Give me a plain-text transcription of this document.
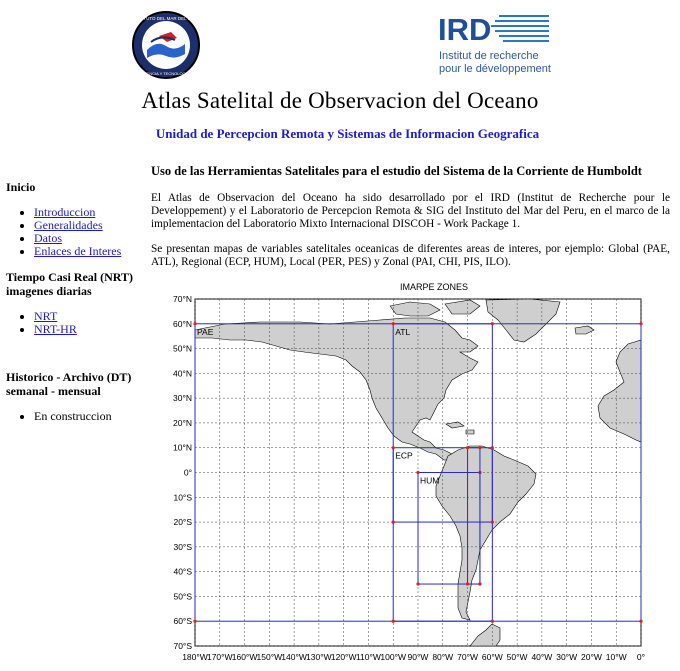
INSTITUTO DEL MAR DEL PERU
CIENCIA Y TECNOLOGIA
IRD
Institut de recherche
pour le développement
Atlas Satelital de Observacion del Oceano
Unidad de Percepcion Remota y Sistemas de Informacion Geografica

Inicio

• Introduccion
• Generalidades
• Datos
• Enlaces de Interes

Tiempo Casi Real (NRT) imagenes diarias

• NRT
• NRT-HR

Historico - Archivo (DT) semanal - mensual

• En construccion

Uso de las Herramientas Satelitales para el estudio del Sistema de la Corriente de Humboldt

El Atlas de Observacion del Oceano ha sido desarrollado por el IRD (Institut de Recherche pour le Developpement) y el Laboratorio de Percepcion Remota & SIG del Instituto del Mar del Peru, en el marco de la implementacion del Laboratorio Mixto Internacional DISCOH - Work Package 1.

Se presentan mapas de variables satelitales oceanicas de diferentes areas de interes, por ejemplo: Global (PAE, ATL), Regional (ECP, HUM), Local (PER, PES) y Zonal (PAI, CHI, PIS, ILO).

IMARPE ZONES
PAE	ATL
ECP
HUM
180°W 170°W 160°W 150°W 140°W 130°W 120°W 110°W 100°W 90°W 80°W 70°W 60°W 50°W 40°W 30°W 20°W 10°W 0°
70°N
60°N
50°N
40°N
30°N
20°N
10°N
0°
10°S
20°S
30°S
40°S
50°S
60°S
70°S
